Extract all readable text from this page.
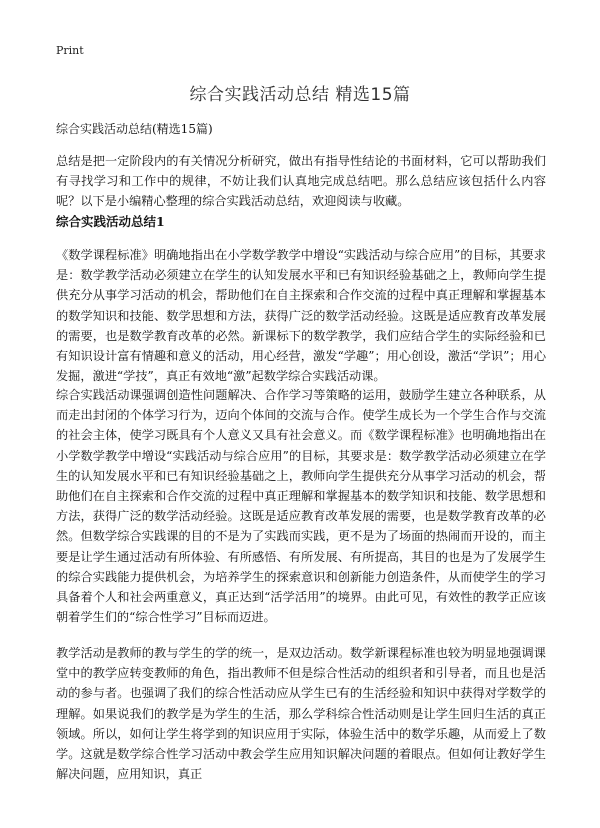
Print
综合实践活动总结 精选15篇
综合实践活动总结(精选15篇)

总结是把一定阶段内的有关情况分析研究，做出有指导性结论的书面材料，它可以帮助我们有寻找学习和工作中的规律，不妨让我们认真地完成总结吧。那么总结应该包括什么内容呢？以下是小编精心整理的综合实践活动总结，欢迎阅读与收藏。

综合实践活动总结1

《数学课程标准》明确地指出在小学数学教学中增设“实践活动与综合应用”的目标，其要求是：数学教学活动必须建立在学生的认知发展水平和已有知识经验基础之上，教师向学生提供充分从事学习活动的机会，帮助他们在自主探索和合作交流的过程中真正理解和掌握基本的数学知识和技能、数学思想和方法，获得广泛的数学活动经验。这既是适应教育改革发展的需要，也是数学教育改革的必然。新课标下的数学教学，我们应结合学生的实际经验和已有知识设计富有情趣和意义的活动，用心经营，激发“学趣”；用心创设，激活“学识”；用心发掘，激进“学技”，真正有效地“激”起数学综合实践活动课。

综合实践活动课强调创造性问题解决、合作学习等策略的运用，鼓励学生建立各种联系，从而走出封闭的个体学习行为，迈向个体间的交流与合作。使学生成长为一个学生合作与交流的社会主体，使学习既具有个人意义又具有社会意义。而《数学课程标准》也明确地指出在小学数学教学中增设“实践活动与综合应用”的目标，其要求是：数学教学活动必须建立在学生的认知发展水平和已有知识经验基础之上，教师向学生提供充分从事学习活动的机会，帮助他们在自主探索和合作交流的过程中真正理解和掌握基本的数学知识和技能、数学思想和方法，获得广泛的数学活动经验。这既是适应教育改革发展的需要，也是数学教育改革的必然。但数学综合实践课的目的不是为了实践而实践，更不是为了场面的热闹而开设的，而主要是让学生通过活动有所体验、有所感悟、有所发展、有所提高，其目的也是为了发展学生的综合实践能力提供机会，为培养学生的探索意识和创新能力创造条件，从而使学生的学习具备着个人和社会两重意义，真正达到“活学活用”的境界。由此可见，有效性的教学正应该朝着学生们的“综合性学习”目标而迈进。

教学活动是教师的教与学生的学的统一，是双边活动。数学新课程标准也较为明显地强调课堂中的教学应转变教师的角色，指出教师不但是综合性活动的组织者和引导者，而且也是活动的参与者。也强调了我们的综合性活动应从学生已有的生活经验和知识中获得对学数学的理解。如果说我们的教学是为学生的生活，那么学科综合性活动则是让学生回归生活的真正领域。所以，如何让学生将学到的知识应用于实际，体验生活中的数学乐趣，从而爱上了数学。这就是数学综合性学习活动中教会学生应用知识解决问题的着眼点。但如何让教好学生解决问题，应用知识，真正
